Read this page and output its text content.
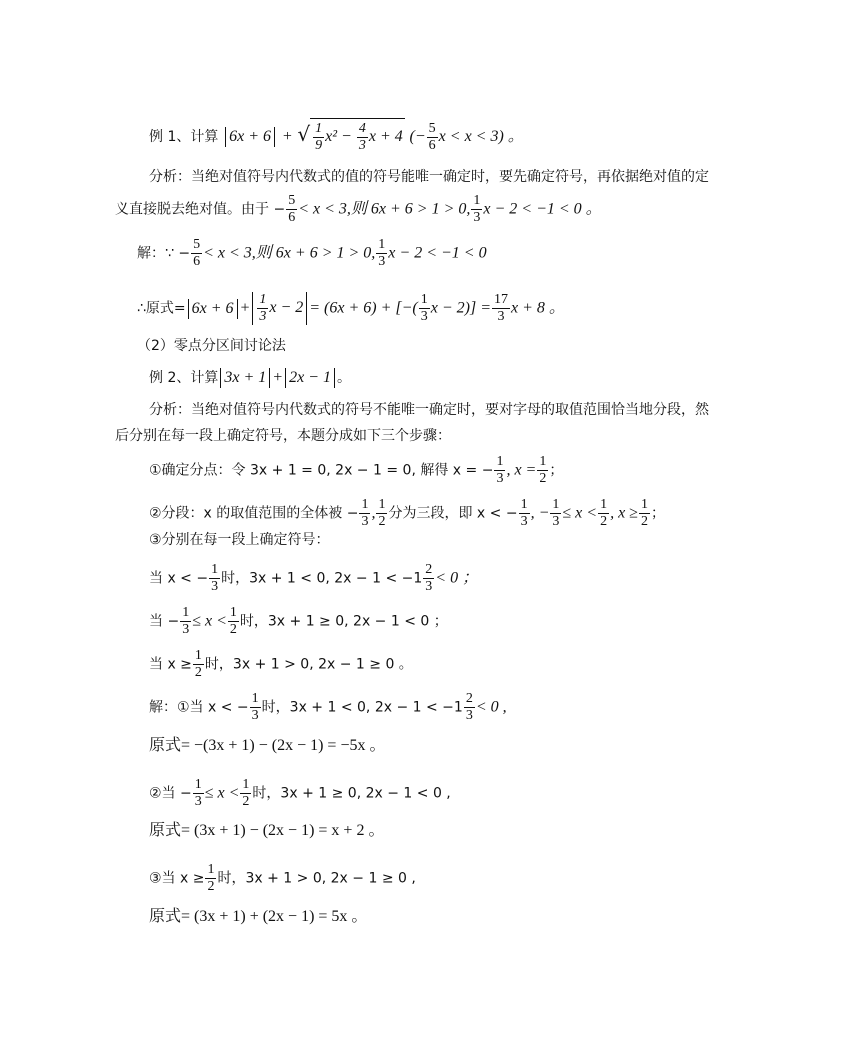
例 1、计算 6x + 6 + √ $\frac{1}{9} x^2 - \frac{4}{3}$ x + 4 (− $\frac{5}{6}$ x < x < 3) 。
分析：当绝对值符号内代数式的值的符号能唯一确定时，要先确定符号，再依据绝对值的定
义直接脱去绝对值。由于 − $\frac{5}{6} < x < 3$,则 6x + 6 > 1 > 0, $\frac{1}{3}$ x − 2 < −1 < 0 。
解：∵ − $\frac{5}{6} < x < 3$,则 6x + 6 > 1 > 0, $\frac{1}{3}$ x − 2 < −1 < 0
∴原式= $6x + 6 + \frac{1}{3}$ x − 2 = (6x + 6) + [−( $\frac{1}{3}$ $x - 2)] = \frac{17}{3}$ x + 8 。
（2）零点分区间讨论法
例 2、计算 3x + 1 + 2x − 1 。
分析：当绝对值符号内代数式的符号不能唯一确定时，要对字母的取值范围恰当地分段，然
后分别在每一段上确定符号，本题分成如下三个步骤：
①确定分点：令 3x + 1 = 0, 2x − 1 = 0, 解得 x = − $\frac{1}{3}$ , $x = \frac{1}{2}$ ；
②分段：x 的取值范围的全体被 − $\frac{1}{3}$ , $\frac{1}{2}$ 分为三段，即 x < − $\frac{1}{3}$ , − $\frac{1}{3} \le x < \frac{1}{2}$ , $x \ge \frac{1}{2}$ ；
③分别在每一段上确定符号：
当 x < − $\frac{1}{3}$ 时，3x + 1 < 0, $2x - 1 < -1 \frac{2}{3} < 0$ ；
当 − $\frac{1}{3} \le x < \frac{1}{2}$ 时，3x + 1 ≥ 0, 2x − 1 < 0 ；
当 $x \ge \frac{1}{2}$ 时，3x + 1 > 0, 2x − 1 ≥ 0 。
解：①当 x < − $\frac{1}{3}$ 时，3x + 1 < 0, $2x - 1 < -1 \frac{2}{3} < 0$ ,
原式= −(3x + 1) − (2x − 1) = −5x 。
②当 − $\frac{1}{3} \le x < \frac{1}{2}$ 时，3x + 1 ≥ 0, 2x − 1 < 0 ,
原式= (3x + 1) − (2x − 1) = x + 2 。
③当 $x \ge \frac{1}{2}$ 时，3x + 1 > 0, 2x − 1 ≥ 0 ,
原式= (3x + 1) + (2x − 1) = 5x 。
